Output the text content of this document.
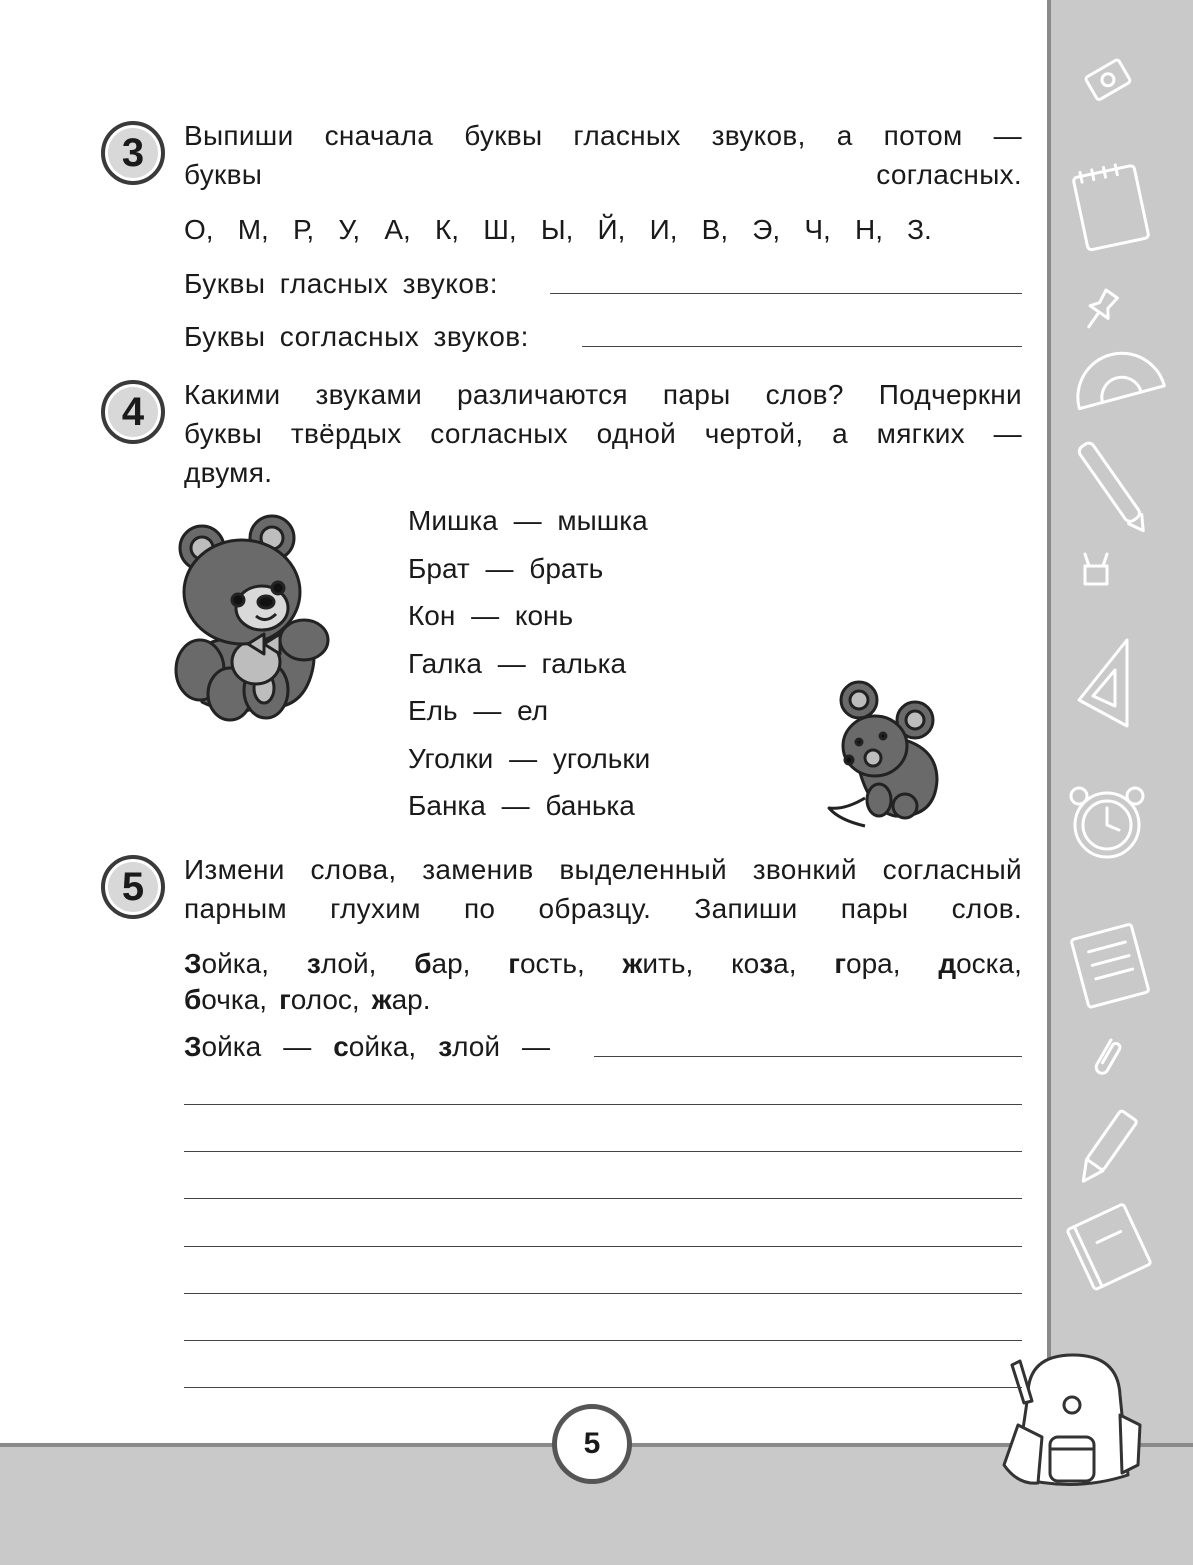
5
3	Выпиши сначала буквы гласных звуков, а потом —
буквы согласных.
О, М, Р, У, А, К, Ш, Ы, Й, И, В, Э, Ч, Н, З.
Буквы гласных звуков:
Буквы согласных звуков:
4	Какими звуками различаются пары слов? Подчеркни
буквы твёрдых согласных одной чертой, а мягких —
двумя.
Мишка — мышка
Брат — брать
Кон — конь
Галка — галька
Ель — ел
Уголки — угольки
Банка — банька
5	Измени слова, заменив выделенный звонкий согласный
парным глухим по образцу. Запиши пары слов.
Зойка, злой, бар, гость, жить, коза, гора, доска,
бочка, голос, жар.
Зойка — сойка, злой —
